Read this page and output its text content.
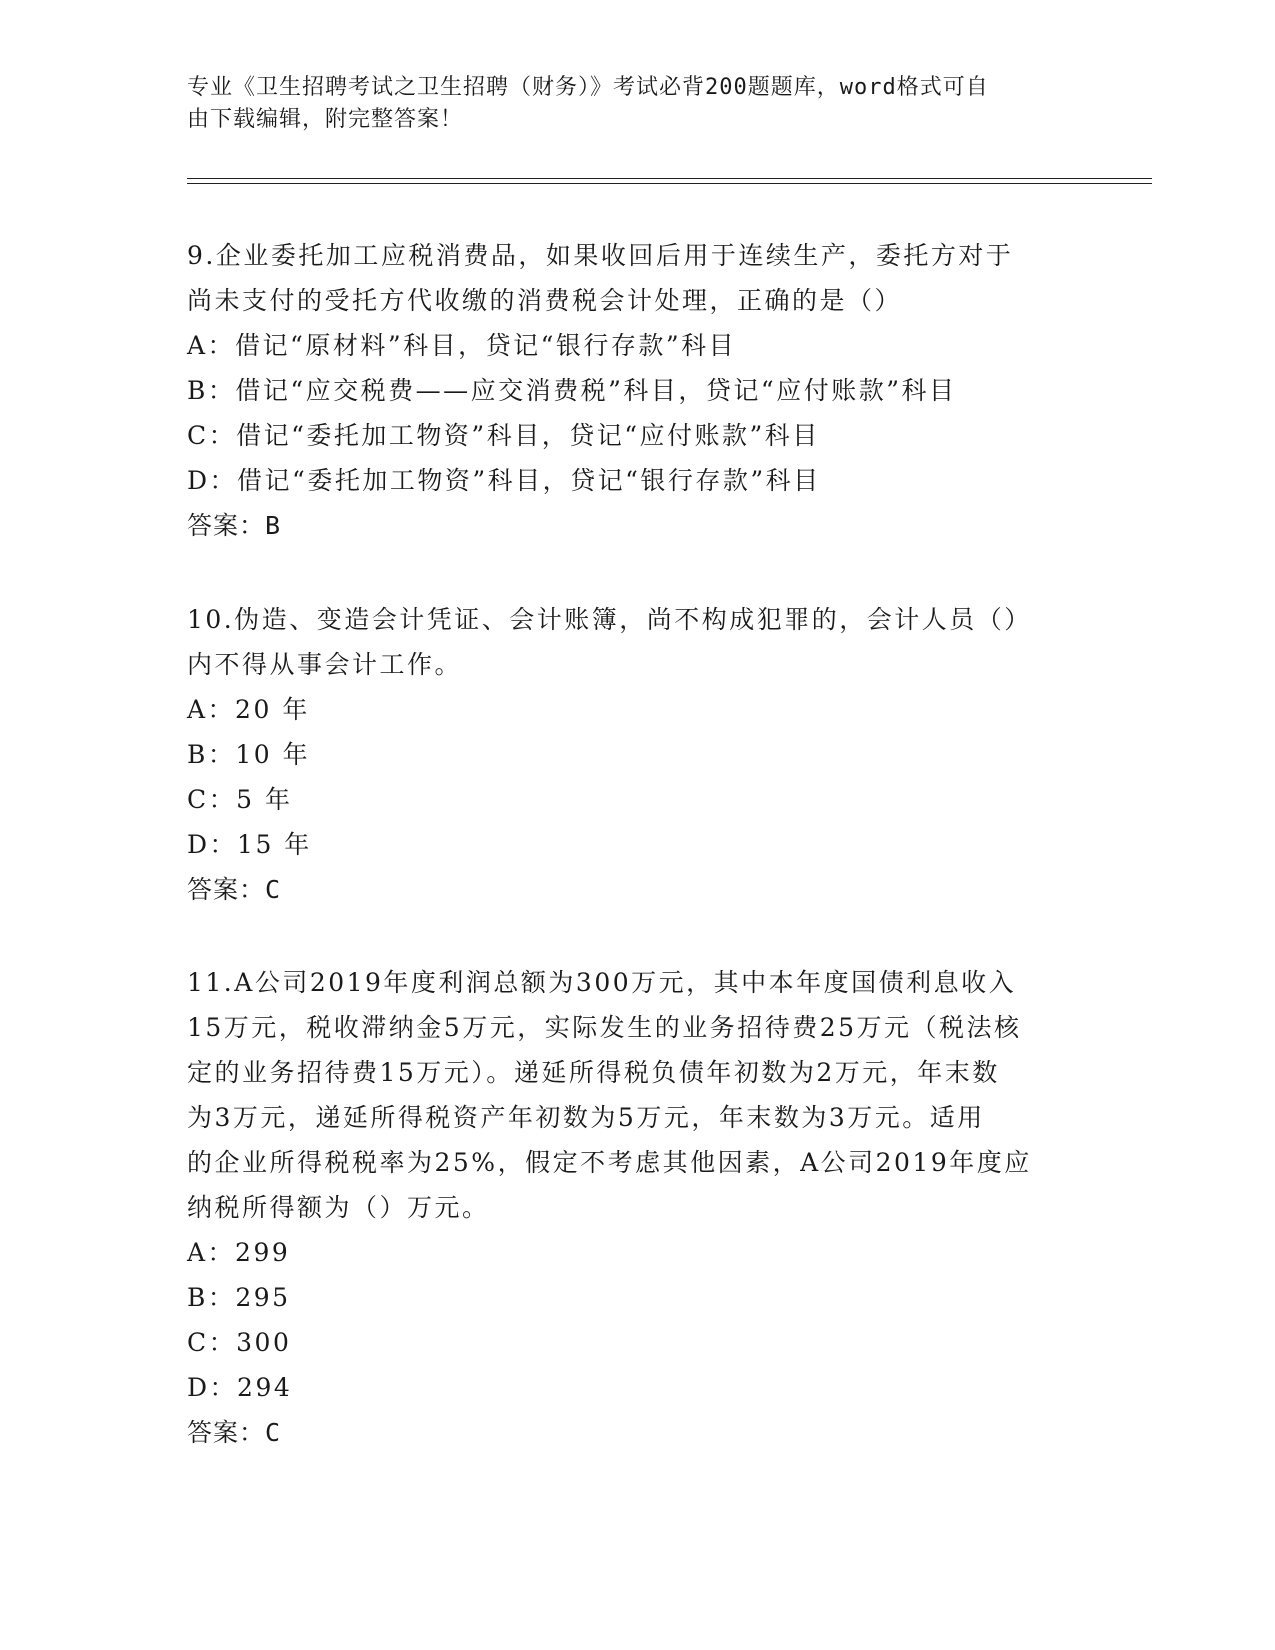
专业《卫生招聘考试之卫生招聘（财务）》考试必背200题题库，word格式可自
由下载编辑，附完整答案！
9.企业委托加工应税消费品，如果收回后用于连续生产，委托方对于
尚未支付的受托方代收缴的消费税会计处理，正确的是（）
A：借记“原材料”科目，贷记“银行存款”科目
B：借记“应交税费——应交消费税”科目，贷记“应付账款”科目
C：借记“委托加工物资”科目，贷记“应付账款”科目
D：借记“委托加工物资”科目，贷记“银行存款”科目
答案：B
10.伪造、变造会计凭证、会计账簿，尚不构成犯罪的，会计人员（）
内不得从事会计工作。
A：20 年
B：10 年
C：5 年
D：15 年
答案：C
11.A公司2019年度利润总额为300万元，其中本年度国债利息收入
15万元，税收滞纳金5万元，实际发生的业务招待费25万元（税法核
定的业务招待费15万元）。递延所得税负债年初数为2万元，年末数
为3万元，递延所得税资产年初数为5万元，年末数为3万元。适用
的企业所得税税率为25%，假定不考虑其他因素，A公司2019年度应
纳税所得额为（）万元。
A：299
B：295
C：300
D：294
答案：C
